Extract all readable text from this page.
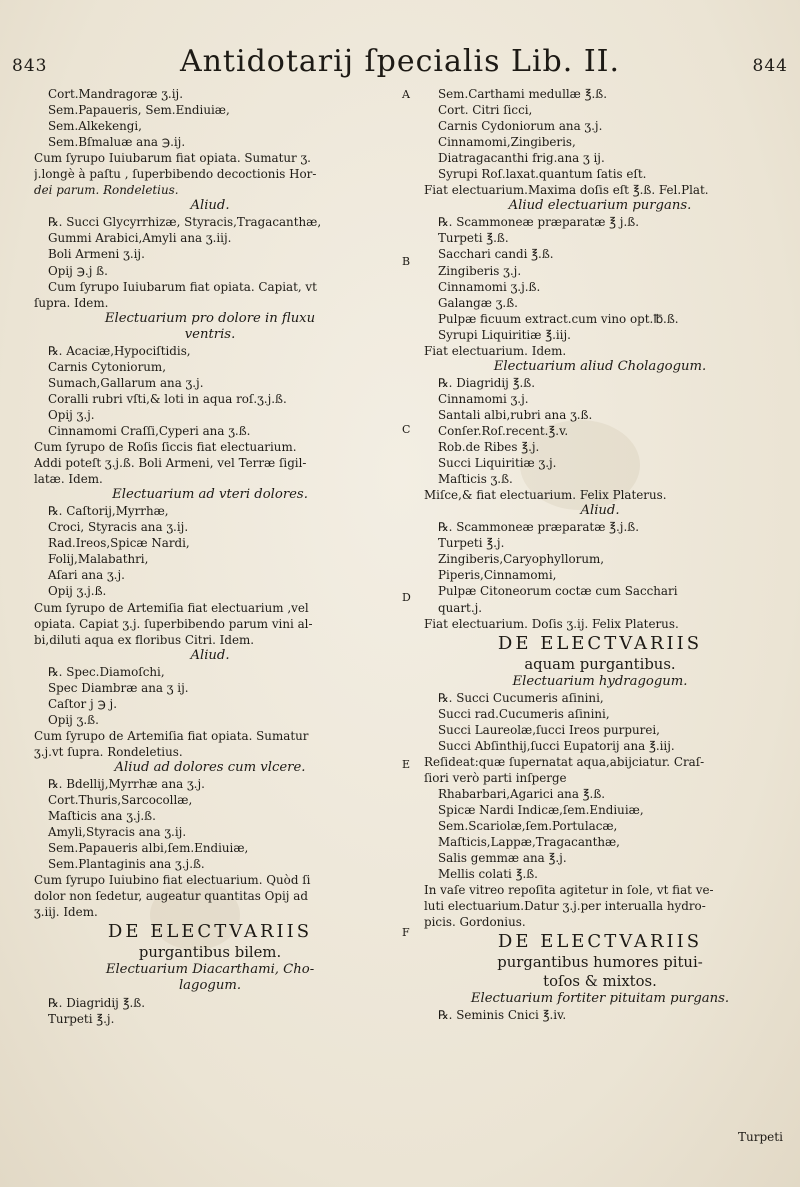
843	Antidotarij ſpecialis Lib. II.	844
Cort.Mandragoræ ʒ.ij.
Sem.Papaueris, Sem.Endiuiæ,
Sem.Alkekengi,
Sem.Bſmaluæ ana ℈.ij.
Cum ſyrupo Iuiubarum fiat opiata. Sumatur ʒ.
j.longè à paſtu , ſuperbibendo decoctionis Hor-
dei parum. Rondeletius.
Aliud.
℞. Succi Glycyrrhizæ, Styracis,Tragacanthæ,
Gummi Arabici,Amyli ana ʒ.iij.
Boli Armeni ʒ.ij.
Opij ℈.j ß.
Cum ſyrupo Iuiubarum fiat opiata. Capiat, vt
ſupra. Idem.
Electuarium pro dolore in fluxu
ventris.
℞. Acaciæ,Hypociſtidis,
Carnis Cytoniorum,
Sumach,Gallarum ana ʒ.j.
Coralli rubri vſti,& loti in aqua roſ.ʒ.j.ß.
Opij ʒ.j.
Cinnamomi Craſſi,Cyperi ana ʒ.ß.
Cum ſyrupo de Roſis ſiccis fiat electuarium.
Addi poteſt ʒ.j.ß. Boli Armeni, vel Terræ ſigil-
latæ. Idem.
Electuarium ad vteri dolores.
℞. Caſtorij,Myrrhæ,
Croci, Styracis ana ʒ.ij.
Rad.Ireos,Spicæ Nardi,
Folij,Malabathri,
Aſari ana ʒ.j.
Opij ʒ.j.ß.
Cum ſyrupo de Artemiſia fiat electuarium ,vel
opiata. Capiat ʒ.j. ſuperbibendo parum vini al-
bi,diluti aqua ex floribus Citri. Idem.
Aliud.
℞. Spec.Diamoſchi,
Spec Diambræ ana ʒ ij.
Caſtor j ℈ j.
Opij ʒ.ß.
Cum ſyrupo de Artemiſia fiat opiata. Sumatur
ʒ.j.vt ſupra. Rondeletius.
Aliud ad dolores cum vlcere.
℞. Bdellij,Myrrhæ ana ʒ.j.
Cort.Thuris,Sarcocollæ,
Maſticis ana ʒ.j.ß.
Amyli,Styracis ana ʒ.ij.
Sem.Papaueris albi,ſem.Endiuiæ,
Sem.Plantaginis ana ʒ.j.ß.
Cum ſyrupo Iuiubino fiat electuarium. Quòd ſi
dolor non ſedetur, augeatur quantitas Opij ad
ʒ.iij. Idem.
DE ELECTVARIIS
purgantibus bilem.
Electuarium Diacarthami, Cho-
lagogum.
℞. Diagridij ℥.ß.
Turpeti ℥.j.
Sem.Carthami medullæ ℥.ß.
Cort. Citri ſicci,
Carnis Cydoniorum ana ʒ.j.
Cinnamomi,Zingiberis,
Diatragacanthi frig.ana ʒ ij.
Syrupi Roſ.laxat.quantum ſatis eſt.
Fiat electuarium.Maxima doſis eſt ℥.ß. Fel.Plat.
Aliud electuarium purgans.
℞. Scammoneæ præparatæ ℥ j.ß.
Turpeti ℥.ß.
Sacchari candi ℥.ß.
Zingiberis ʒ.j.
Cinnamomi ʒ.j.ß.
Galangæ ʒ.ß.
Pulpæ ficuum extract.cum vino opt.℔.ß.
Syrupi Liquiritiæ ℥.iij.
Fiat electuarium. Idem.
Electuarium aliud Cholagogum.
℞. Diagridij ℥.ß.
Cinnamomi ʒ.j.
Santali albi,rubri ana ʒ.ß.
Conſer.Roſ.recent.℥.v.
Rob.de Ribes ℥.j.
Succi Liquiritiæ ʒ.j.
Maſticis ʒ.ß.
Miſce,& fiat electuarium. Felix Platerus.
Aliud.
℞. Scammoneæ præparatæ ℥.j.ß.
Turpeti ℥.j.
Zingiberis,Caryophyllorum,
Piperis,Cinnamomi,
Pulpæ Citoneorum coctæ cum Sacchari
quart.j.
Fiat electuarium. Doſis ʒ.ij. Felix Platerus.
DE ELECTVARIIS
aquam purgantibus.
Electuarium hydragogum.
℞. Succi Cucumeris aſinini,
Succi rad.Cucumeris aſinini,
Succi Laureolæ,ſucci Ireos purpurei,
Succi Abſinthij,ſucci Eupatorij ana ℥.iij.
Reſideat:quæ ſupernatat aqua,abijciatur. Craſ-
ſiori verò parti inſperge
Rhabarbari,Agarici ana ℥.ß.
Spicæ Nardi Indicæ,ſem.Endiuiæ,
Sem.Scariolæ,ſem.Portulacæ,
Maſticis,Lappæ,Tragacanthæ,
Salis gemmæ ana ℥.j.
Mellis colati ℥.ß.
In vaſe vitreo repoſita agitetur in ſole, vt fiat ve-
luti electuarium.Datur ʒ.j.per interualla hydro-
picis. Gordonius.
DE ELECTVARIIS
purgantibus humores pitui-
toſos & mixtos.
Electuarium fortiter pituitam purgans.
℞. Seminis Cnici ℥.iv.
A
B
C
D
E
F
Turpeti
